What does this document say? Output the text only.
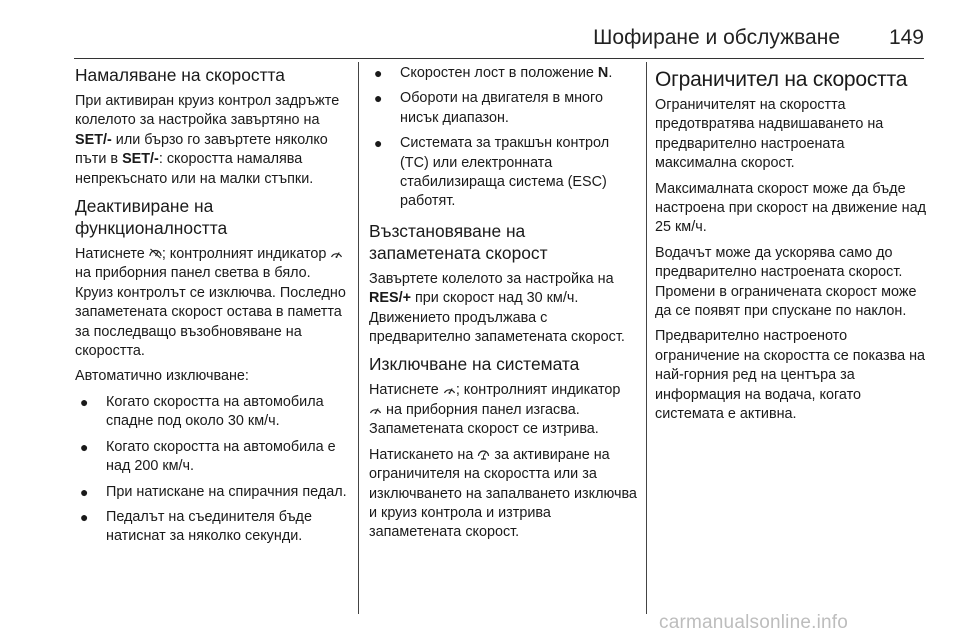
Шофиране и обслужване 149
Намаляване на скоростта

При активиран круиз контрол задръжте колелото за настройка завъртяно на SET/- или бързо го завъртете няколко пъти в SET/-: скоростта намалява непрекъснато или на малки стъпки.

Деактивиране на функционалността

Натиснете
; контролният индикатор
на приборния панел светва в бяло. Круиз контролът се изключва. Последно запаметената скорост остава в паметта за последващо възобновяване на скоростта.

Автоматично изключване:

● Когато скоростта на автомобила спадне под около 30 км/ч.
● Когато скоростта на автомобила е над 200 км/ч.
● При натискане на спирачния педал.
● Педалът на съединителя бъде натиснат за няколко секунди.
● Скоростен лост в положение N.
● Обороти на двигателя в много нисък диапазон.
● Системата за тракшън контрол (TC) или електронната стабилизираща система (ESC) работят.
Възстановяване на запаметената скорост

Завъртете колелото за настройка на RES/+ при скорост над 30 км/ч. Движението продължава с предварително запаметената скорост.

Изключване на системата

Натиснете
; контролният индикатор
на приборния панел изгасва. Запаметената скорост се изтрива.

Натискането на
за активиране на ограничителя на скоростта или за изключването на запалването изключва и круиз контрола и изтрива запаметената скорост.

Ограничител на скоростта

Ограничителят на скоростта предотвратява надвишаването на предварително настроената максимална скорост.

Максималната скорост може да бъде настроена при скорост на движение над 25 км/ч.

Водачът може да ускорява само до предварително настроената скорост. Промени в ограничената скорост може да се появят при спускане по наклон.

Предварително настроеното ограничение на скоростта се показва на най-горния ред на центъра за информация на водача, когато системата е активна.

carmanualsonline.info
